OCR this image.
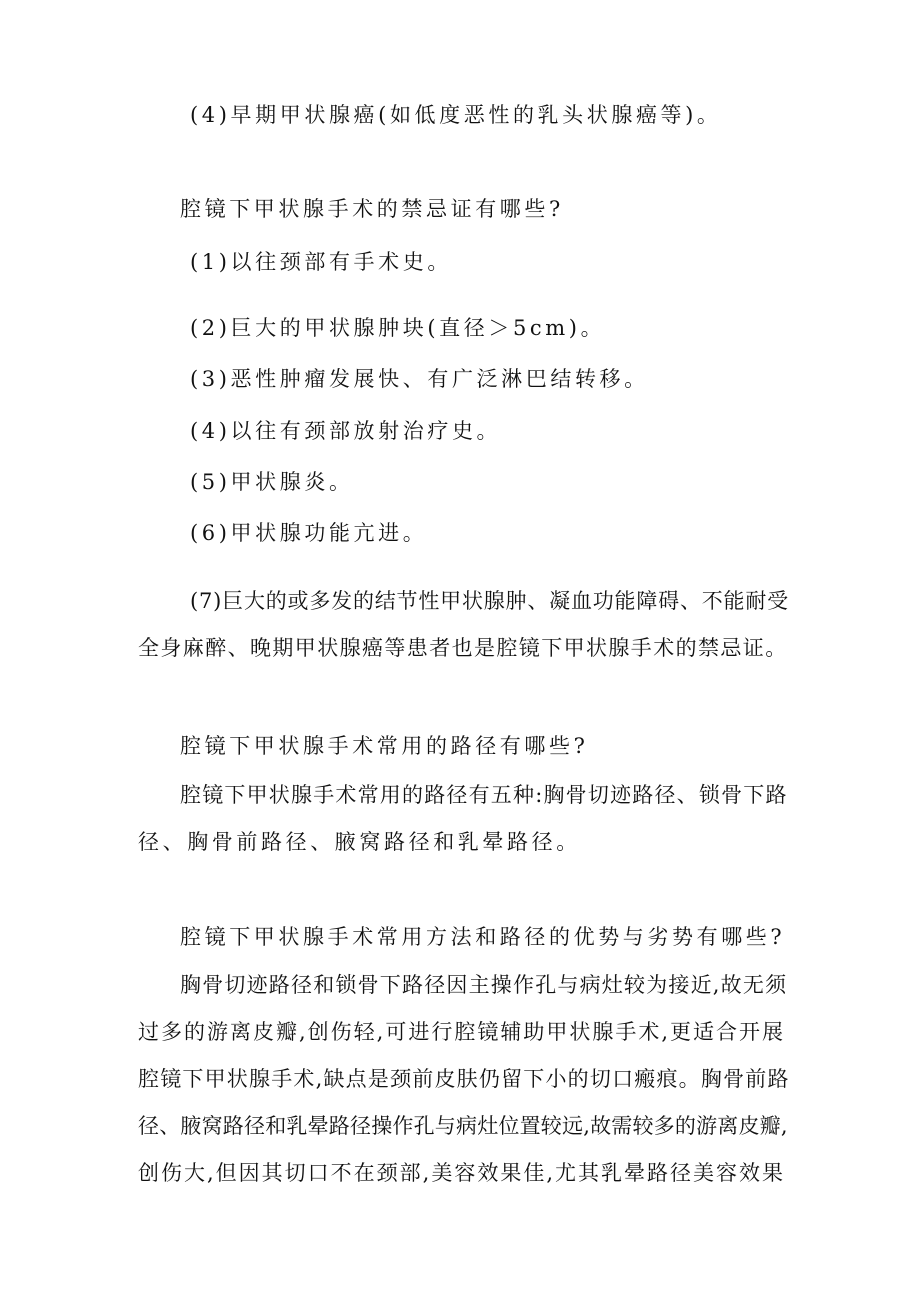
(4)早期甲状腺癌(如低度恶性的乳头状腺癌等)。

腔镜下甲状腺手术的禁忌证有哪些?

(1)以往颈部有手术史。

(2)巨大的甲状腺肿块(直径＞5cm)。

(3)恶性肿瘤发展快、有广泛淋巴结转移。

(4)以往有颈部放射治疗史。

(5)甲状腺炎。

(6)甲状腺功能亢进。

(7)巨大的或多发的结节性甲状腺肿、凝血功能障碍、不能耐受

全身麻醉、晚期甲状腺癌等患者也是腔镜下甲状腺手术的禁忌证。

腔镜下甲状腺手术常用的路径有哪些?

腔镜下甲状腺手术常用的路径有五种:胸骨切迹路径、锁骨下路

径、胸骨前路径、腋窝路径和乳晕路径。

腔镜下甲状腺手术常用方法和路径的优势与劣势有哪些?

胸骨切迹路径和锁骨下路径因主操作孔与病灶较为接近,故无须

过多的游离皮瓣,创伤轻,可进行腔镜辅助甲状腺手术,更适合开展

腔镜下甲状腺手术,缺点是颈前皮肤仍留下小的切口瘢痕。胸骨前路

径、腋窝路径和乳晕路径操作孔与病灶位置较远,故需较多的游离皮瓣,

创伤大,但因其切口不在颈部,美容效果佳,尤其乳晕路径美容效果
